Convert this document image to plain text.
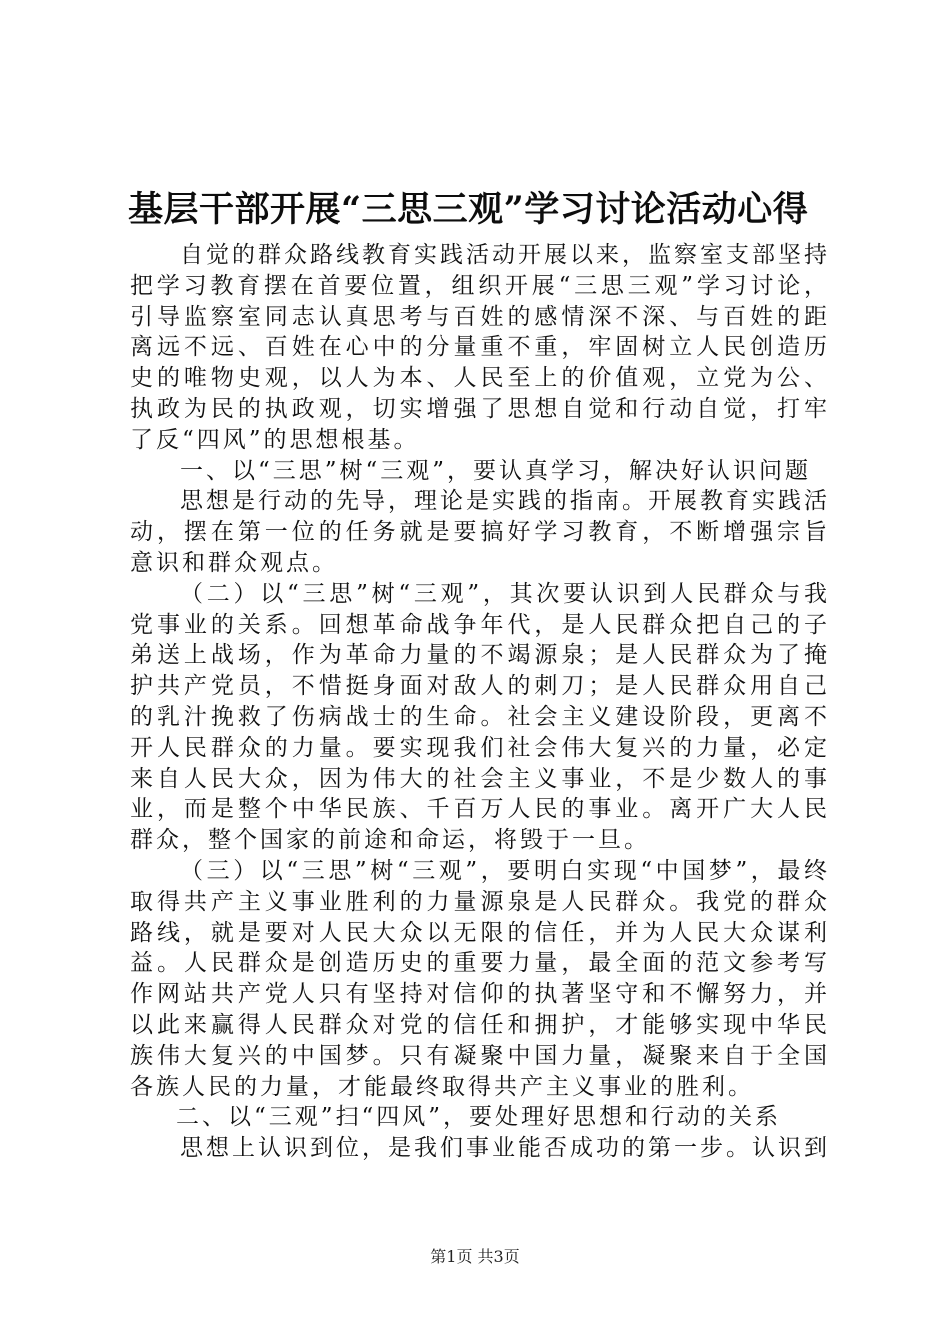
基层干部开展“三思三观”学习讨论活动心得

自觉的群众路线教育实践活动开展以来，监察室支部坚持把学习教育摆在首要位置，组织开展“三思三观”学习讨论，引导监察室同志认真思考与百姓的感情深不深、与百姓的距离远不远、百姓在心中的分量重不重，牢固树立人民创造历史的唯物史观，以人为本、人民至上的价值观，立党为公、执政为民的执政观，切实增强了思想自觉和行动自觉，打牢了反“四风”的思想根基。

一、以“三思”树“三观”，要认真学习，解决好认识问题

思想是行动的先导，理论是实践的指南。开展教育实践活动，摆在第一位的任务就是要搞好学习教育，不断增强宗旨意识和群众观点。

（二）以“三思”树“三观”，其次要认识到人民群众与我党事业的关系。回想革命战争年代，是人民群众把自己的子弟送上战场，作为革命力量的不竭源泉；是人民群众为了掩护共产党员，不惜挺身面对敌人的刺刀；是人民群众用自己的乳汁挽救了伤病战士的生命。社会主义建设阶段，更离不开人民群众的力量。要实现我们社会伟大复兴的力量，必定来自人民大众，因为伟大的社会主义事业，不是少数人的事业，而是整个中华民族、千百万人民的事业。离开广大人民群众，整个国家的前途和命运，将毁于一旦。

（三）以“三思”树“三观”，要明白实现“中国梦”，最终取得共产主义事业胜利的力量源泉是人民群众。我党的群众路线，就是要对人民大众以无限的信任，并为人民大众谋利益。人民群众是创造历史的重要力量，最全面的范文参考写作网站共产党人只有坚持对信仰的执著坚守和不懈努力，并以此来赢得人民群众对党的信任和拥护，才能够实现中华民族伟大复兴的中国梦。只有凝聚中国力量，凝聚来自于全国各族人民的力量，才能最终取得共产主义事业的胜利。

二、以“三观”扫“四风”，要处理好思想和行动的关系

思想上认识到位，是我们事业能否成功的第一步。认识到

第1页 共3页
